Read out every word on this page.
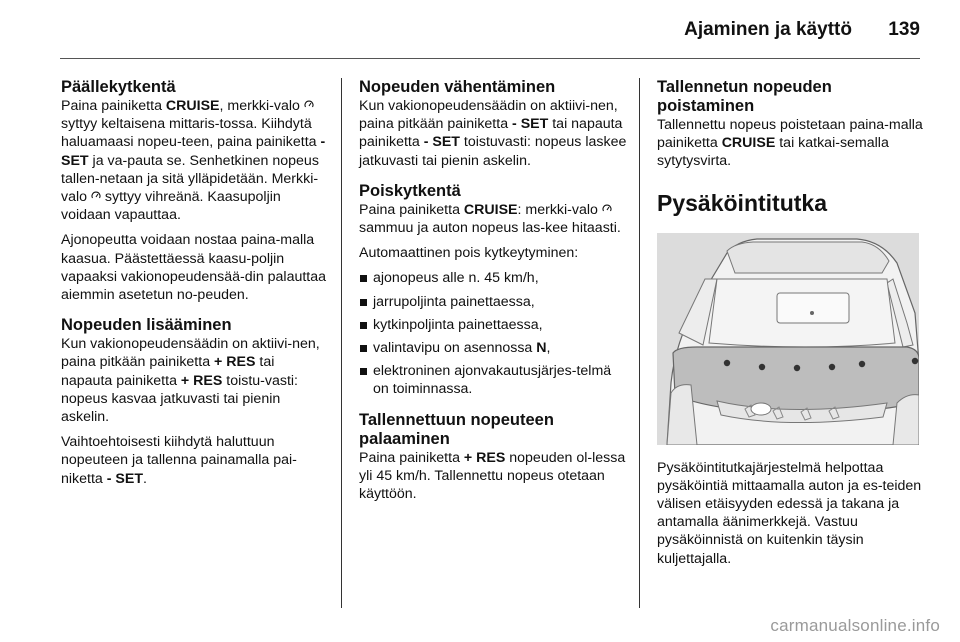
Ajaminen ja käyttö 139
Päällekytkentä

Paina painiketta CRUISE, merkki-valo  syttyy keltaisena mittaris-tossa. Kiihdytä haluamaasi nopeu-teen, paina painiketta - SET ja va-pauta se. Senhetkinen nopeus tallen-netaan ja sitä ylläpidetään. Merkki-valo  syttyy vihreänä. Kaasupoljin voidaan vapauttaa.

Ajonopeutta voidaan nostaa paina-malla kaasua. Päästettäessä kaasu-poljin vapaaksi vakionopeudensää-din palauttaa aiemmin asetetun no-peuden.

Nopeuden lisääminen

Kun vakionopeudensäädin on aktiivi-nen, paina pitkään painiketta + RES tai napauta painiketta + RES toistu-vasti: nopeus kasvaa jatkuvasti tai pienin askelin.

Vaihtoehtoisesti kiihdytä haluttuun nopeuteen ja tallenna painamalla pai-niketta - SET.

Nopeuden vähentäminen

Kun vakionopeudensäädin on aktiivi-nen, paina pitkään painiketta - SET tai napauta painiketta - SET toistuvasti: nopeus laskee jatkuvasti tai pienin askelin.

Poiskytkentä

Paina painiketta CRUISE: merkki-valo  sammuu ja auton nopeus las-kee hitaasti.

Automaattinen pois kytkeytyminen:

ajonopeus alle n. 45 km/h,
jarrupoljinta painettaessa,
kytkinpoljinta painettaessa,
valintavipu on asennossa N,
elektroninen ajonvakautusjärjes-telmä on toiminnassa.
Tallennettuun nopeuteen palaaminen

Paina painiketta + RES nopeuden ol-lessa yli 45 km/h. Tallennettu nopeus otetaan käyttöön.

Tallennetun nopeuden poistaminen

Tallennettu nopeus poistetaan paina-malla painiketta CRUISE tai katkai-semalla sytytysvirta.

Pysäköintitutka

Pysäköintitutkajärjestelmä helpottaa pysäköintiä mittaamalla auton ja es-teiden välisen etäisyyden edessä ja takana ja antamalla äänimerkkejä. Vastuu pysäköinnistä on kuitenkin täysin kuljettajalla.

carmanualsonline.info
